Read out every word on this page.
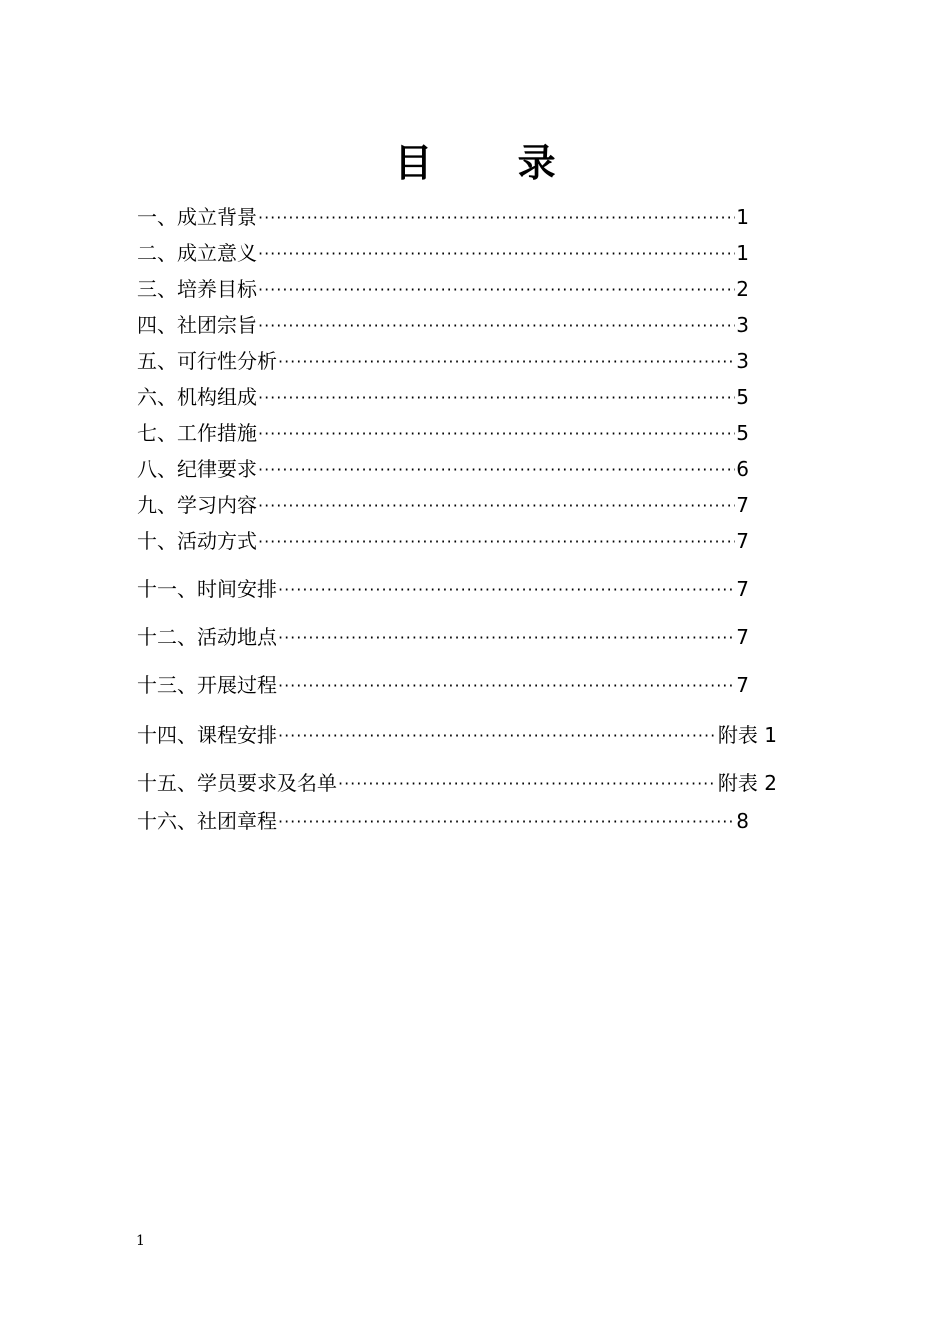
目 录
一、成立背景 ·····	1
二、成立意义 ·····	1
三、培养目标 ·····	2
四、社团宗旨 ·····	3
五、可行性分析 ·····	3
六、机构组成 ·····	5
七、工作措施 ·····	5
八、纪律要求 ·····	6
九、学习内容 ·····	7
十、活动方式 ·····	7
十一、时间安排 ·····	7
十二、活动地点 ·····	7
十三、开展过程 ·····	7
十四、课程安排 ·····	附表 1
十五、学员要求及名单 ·····	附表 2
十六、社团章程 ·····	8
1
